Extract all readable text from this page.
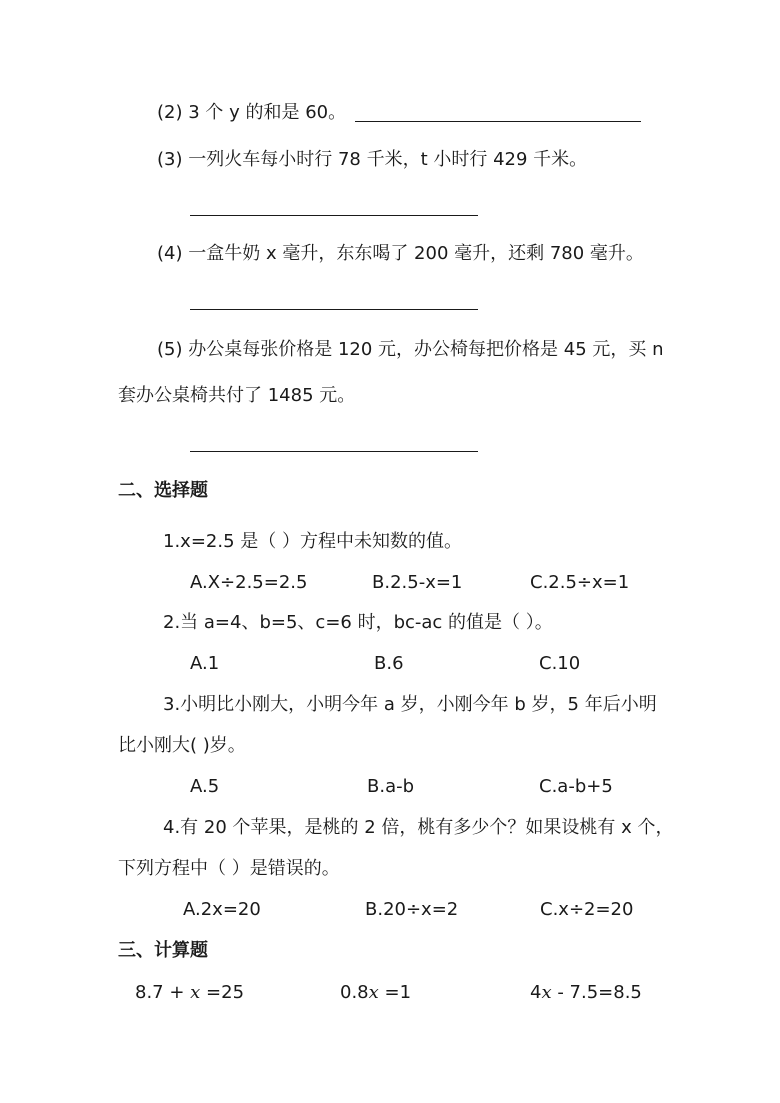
(2) 3 个 y 的和是 60。
(3) 一列火车每小时行 78 千米，t 小时行 429 千米。
(4) 一盒牛奶 x 毫升，东东喝了 200 毫升，还剩 780 毫升。
(5) 办公桌每张价格是 120 元，办公椅每把价格是 45 元，买 n
套办公桌椅共付了 1485 元。
二、选择题
1.x=2.5 是（ ）方程中未知数的值。
A.X÷2.5=2.5	B.2.5-x=1	C.2.5÷x=1
2.当 a=4、b=5、c=6 时，bc-ac 的值是（ ）。
A.1	B.6	C.10
3.小明比小刚大，小明今年 a 岁，小刚今年 b 岁，5 年后小明
比小刚大( )岁。
A.5	B.a-b	C.a-b+5
4.有 20 个苹果，是桃的 2 倍，桃有多少个？如果设桃有 x 个，
下列方程中（ ）是错误的。
A.2x=20	B.20÷x=2	C.x÷2=20
三、计算题
8.7 + x =25	0.8x =1	4x - 7.5=8.5
